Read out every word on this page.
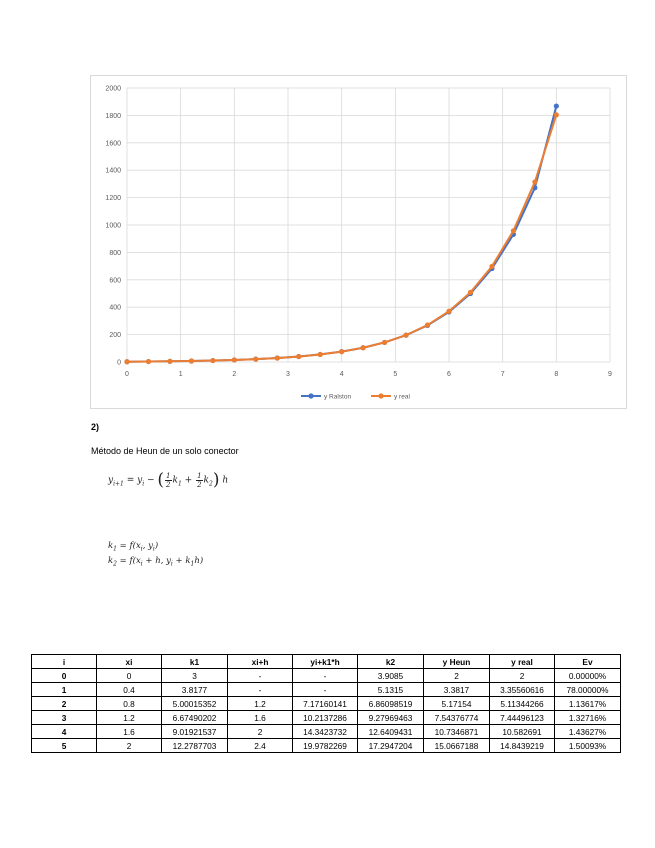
0
200
400
600
800
1000
1200
1400
1600
1800
2000
0	1	2	3	4	5	6	7	8	9
y Ralston	y real
2)
Método de Heun de un solo conector
$y_{i+1} = y_i$ − ( $\frac{1}{2} k_1 + \frac{1}{2} k_2$) h
$k_1 = f(x_i$, $y_i$)
$k_2 = f(x_i + h$, $y_i + k_1h$)
i	xi	k1	xi+h	yi+k1*h	k2	y Heun	y real	Ev
0	0	3	-	-	3.9085	2	2	0.00000%
1	0.4	3.8177	-	-	5.1315	3.3817	3.35560616	78.00000%
2	0.8	5.00015352	1.2	7.17160141	6.86098519	5.17154	5.11344266	1.13617%
3	1.2	6.67490202	1.6	10.2137286	9.27969463	7.54376774	7.44496123	1.32716%
4	1.6	9.01921537	2	14.3423732	12.6409431	10.7346871	10.582691	1.43627%
5	2	12.2787703	2.4	19.9782269	17.2947204	15.0667188	14.8439219	1.50093%
